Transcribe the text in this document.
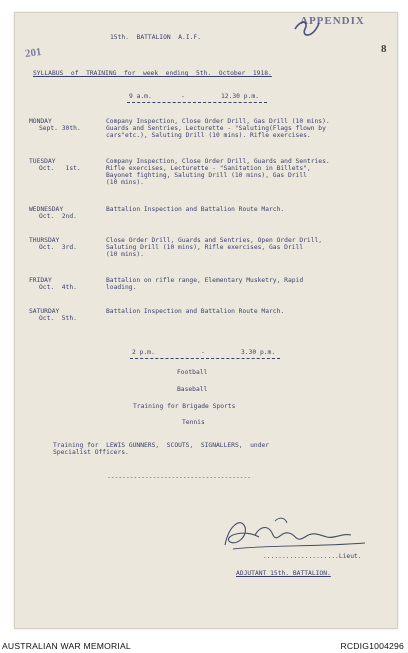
201
APPENDIX
8
15th.  BATTALION  A.I.F.
SYLLABUS  of  TRAINING  for  week  ending  5th.  October  1918.
9 a.m.	-	12.30 p.m.
MONDAY
Sept. 30th.
Company Inspection, Close Order Drill, Gas Drill (10 mins).
Guards and Sentries, Lecturette - "Saluting(Flags flown by
cars"etc.), Saluting Drill (10 mins). Rifle exercises.
TUESDAY
Oct.   1st.
Company Inspection, Close Order Drill, Guards and Sentries.
Rifle exercises, Lecturette - "Sanitation in Billets",
Bayonet fighting, Saluting Drill (10 mins), Gas Drill
(10 mins).
WEDNESDAY
Oct.  2nd.
Battalion Inspection and Battalion Route March.
THURSDAY
Oct.  3rd.
Close Order Drill, Guards and Sentries, Open Order Drill,
Saluting Drill (10 mins), Rifle exercises, Gas Drill
(10 mins).
FRIDAY
Oct.  4th.
Battalion on rifle range, Elementary Musketry, Rapid
loading.
SATURDAY
Oct.  5th.
Battalion Inspection and Battalion Route March.
2 p.m.	-	3.30 p.m.
Football
Baseball
Training for Brigade Sports
Tennis
Training for  LEWIS GUNNERS,  SCOUTS,  SIGNALLERS,  under
Specialist Officers.
--------------------------------------
....................Lieut.
ADJUTANT 15th. BATTALION.
AUSTRALIAN WAR MEMORIAL	RCDIG1004296
